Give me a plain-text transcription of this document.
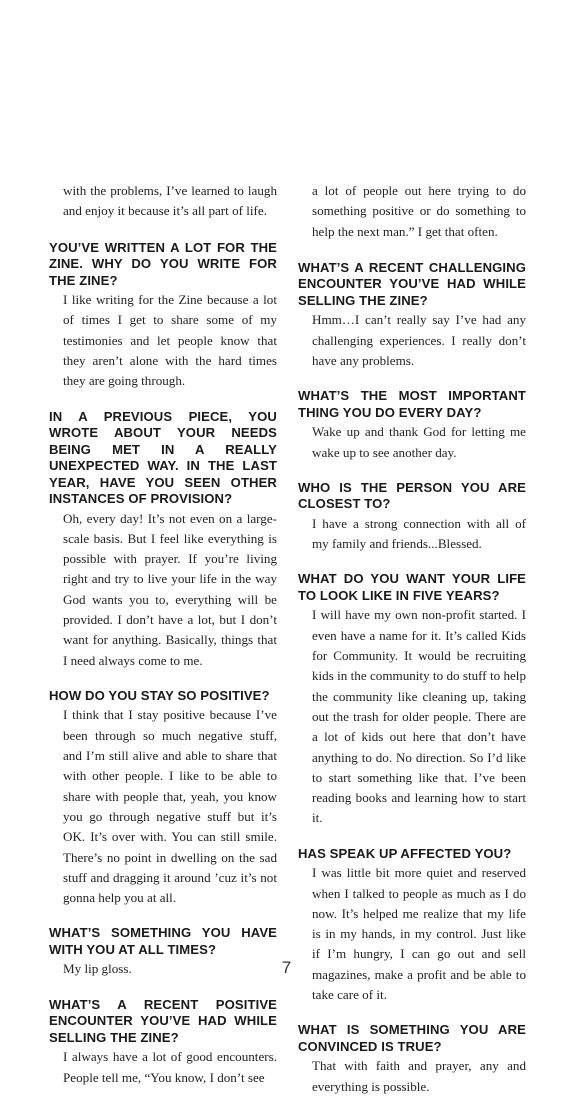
with the problems, I’ve learned to laugh and enjoy it because it’s all part of life.

YOU’VE WRITTEN A LOT FOR THE ZINE. WHY DO YOU WRITE FOR THE ZINE?

I like writing for the Zine because a lot of times I get to share some of my testimonies and let people know that they aren’t alone with the hard times they are going through.

IN A PREVIOUS PIECE, YOU WROTE ABOUT YOUR NEEDS BEING MET IN A REALLY UNEXPECTED WAY. IN THE LAST YEAR, HAVE YOU SEEN OTHER INSTANCES OF PROVISION?

Oh, every day! It’s not even on a large-scale basis. But I feel like everything is possible with prayer. If you’re living right and try to live your life in the way God wants you to, everything will be provided. I don’t have a lot, but I don’t want for anything. Basically, things that I need always come to me.

HOW DO YOU STAY SO POSITIVE?

I think that I stay positive because I’ve been through so much negative stuff, and I’m still alive and able to share that with other people. I like to be able to share with people that, yeah, you know you go through negative stuff but it’s OK. It’s over with. You can still smile. There’s no point in dwelling on the sad stuff and dragging it around ’cuz it’s not gonna help you at all.

WHAT’S SOMETHING YOU HAVE WITH YOU AT ALL TIMES?

My lip gloss.

WHAT’S A RECENT POSITIVE ENCOUNTER YOU’VE HAD WHILE SELLING THE ZINE?

I always have a lot of good encounters. People tell me, “You know, I don’t see

a lot of people out here trying to do something positive or do something to help the next man.” I get that often.

WHAT’S A RECENT CHALLENGING ENCOUNTER YOU’VE HAD WHILE SELLING THE ZINE?

Hmm…I can’t really say I’ve had any challenging experiences. I really don’t have any problems.

WHAT’S THE MOST IMPORTANT THING YOU DO EVERY DAY?

Wake up and thank God for letting me wake up to see another day.

WHO IS THE PERSON YOU ARE CLOSEST TO?

I have a strong connection with all of my family and friends...Blessed.

WHAT DO YOU WANT YOUR LIFE TO LOOK LIKE IN FIVE YEARS?

I will have my own non-profit started. I even have a name for it. It’s called Kids for Community. It would be recruiting kids in the community to do stuff to help the community like cleaning up, taking out the trash for older people. There are a lot of kids out here that don’t have anything to do. No direction. So I’d like to start something like that. I’ve been reading books and learning how to start it.

HAS SPEAK UP AFFECTED YOU?

I was little bit more quiet and reserved when I talked to people as much as I do now. It’s helped me realize that my life is in my hands, in my control. Just like if I’m hungry, I can go out and sell magazines, make a profit and be able to take care of it.

WHAT IS SOMETHING YOU ARE CONVINCED IS TRUE?

That with faith and prayer, any and everything is possible.

7
